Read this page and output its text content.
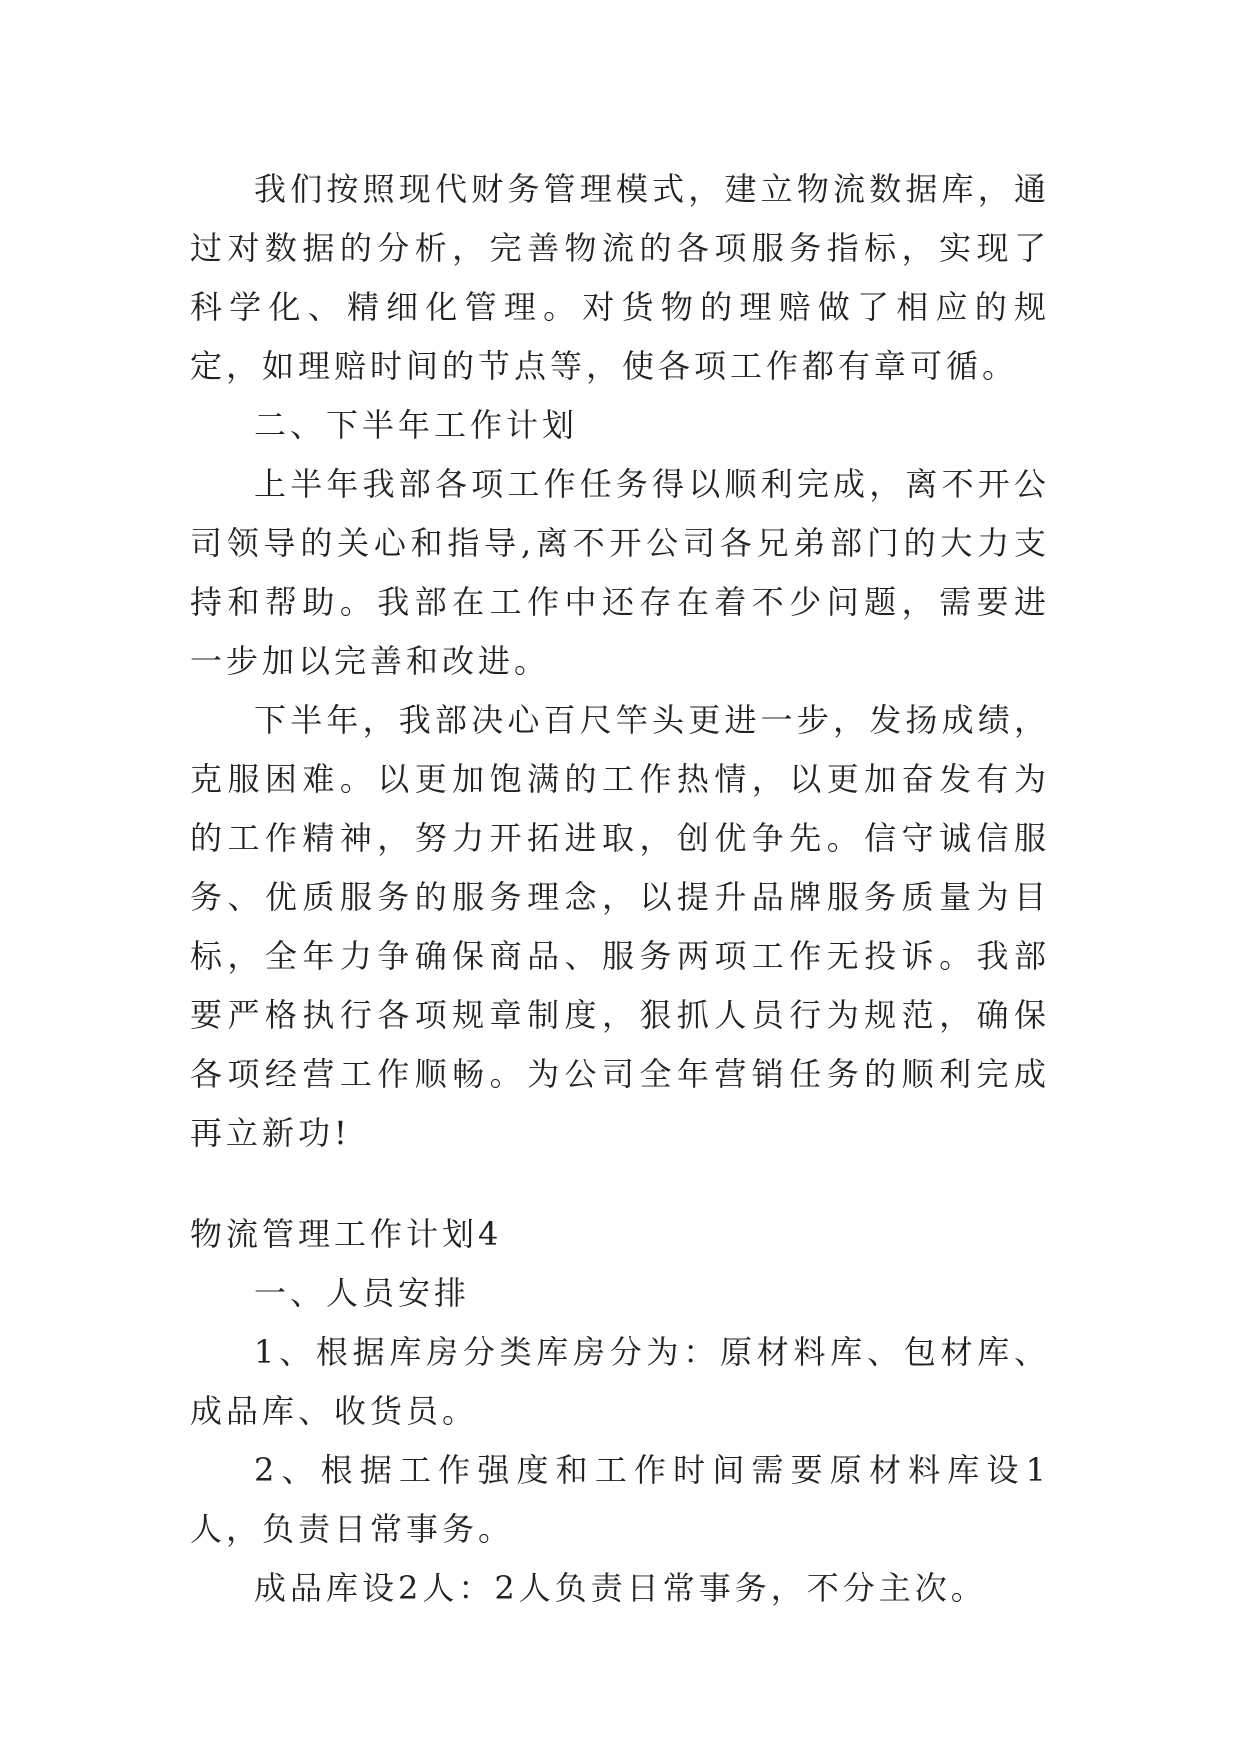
我们按照现代财务管理模式，建立物流数据库，通过对数据的分析，完善物流的各项服务指标，实现了科学化、精细化管理。对货物的理赔做了相应的规定，如理赔时间的节点等，使各项工作都有章可循。

二、下半年工作计划

上半年我部各项工作任务得以顺利完成，离不开公司领导的关心和指导,离不开公司各兄弟部门的大力支持和帮助。我部在工作中还存在着不少问题，需要进一步加以完善和改进。

下半年，我部决心百尺竿头更进一步，发扬成绩，克服困难。以更加饱满的工作热情，以更加奋发有为的工作精神，努力开拓进取，创优争先。信守诚信服务、优质服务的服务理念，以提升品牌服务质量为目标，全年力争确保商品、服务两项工作无投诉。我部要严格执行各项规章制度，狠抓人员行为规范，确保各项经营工作顺畅。为公司全年营销任务的顺利完成再立新功!

物流管理工作计划4

一、人员安排

1、根据库房分类库房分为：原材料库、包材库、成品库、收货员。

2、根据工作强度和工作时间需要原材料库设1人，负责日常事务。

成品库设2人：2人负责日常事务，不分主次。
